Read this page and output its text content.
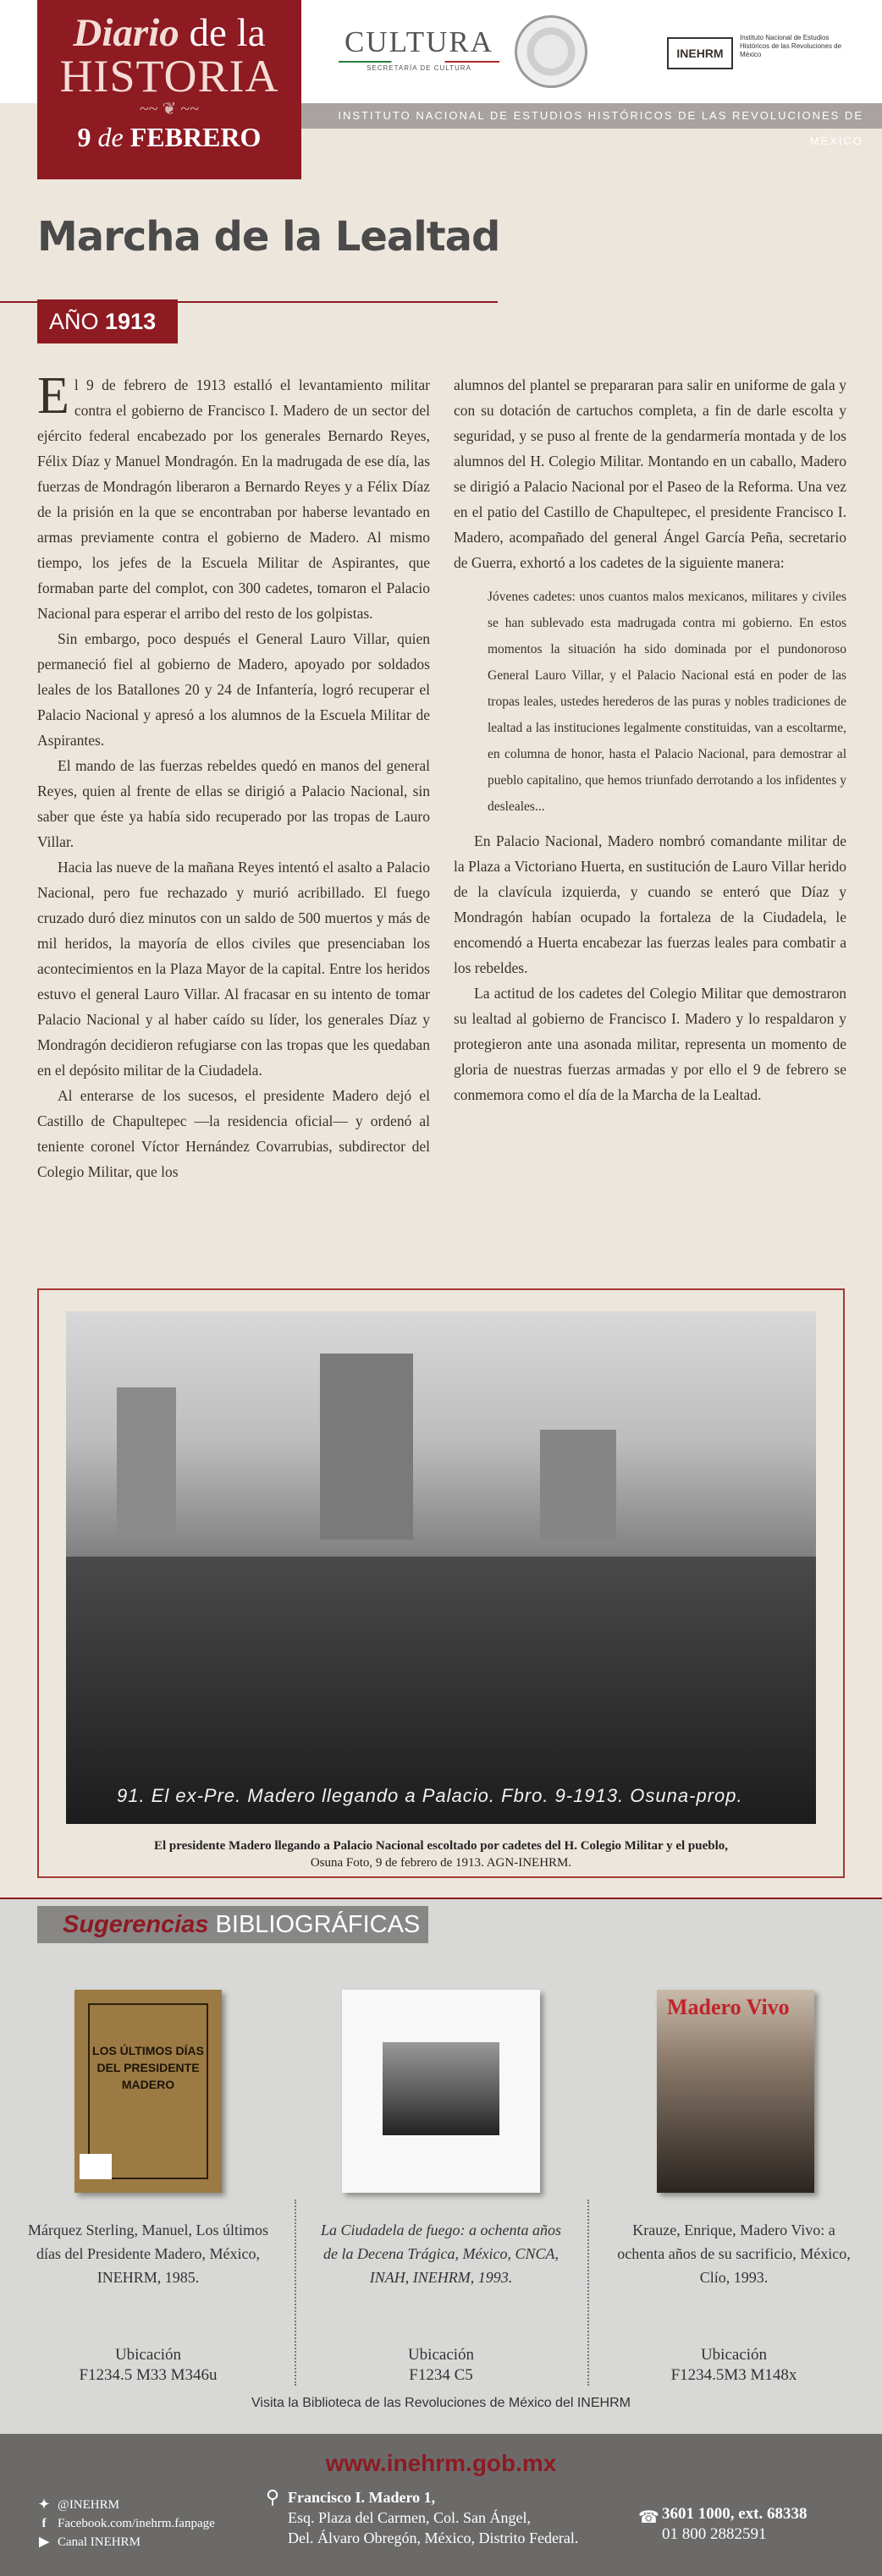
INSTITUTO NACIONAL DE ESTUDIOS HISTÓRICOS DE LAS REVOLUCIONES DE MÉXICO
Diario de la
HISTORIA
~~ ❦ ~~
9 de FEBRERO
CULTURA
SECRETARÍA DE CULTURA
INEHRM
Instituto Nacional de Estudios Históricos de las Revoluciones de México
Marcha de la Lealtad
AÑO 1913

El 9 de febrero de 1913 estalló el levantamiento militar contra el gobierno de Francisco I. Madero de un sector del ejército federal encabezado por los generales Bernardo Reyes, Félix Díaz y Manuel Mondragón. En la madrugada de ese día, las fuerzas de Mondragón liberaron a Bernardo Reyes y a Félix Díaz de la prisión en la que se encontraban por haberse levantado en armas previamente contra el gobierno de Madero. Al mismo tiempo, los jefes de la Escuela Militar de Aspirantes, que formaban parte del complot, con 300 cadetes, tomaron el Palacio Nacional para esperar el arribo del resto de los golpistas.

Sin embargo, poco después el General Lauro Villar, quien permaneció fiel al gobierno de Madero, apoyado por soldados leales de los Batallones 20 y 24 de Infantería, logró recuperar el Palacio Nacional y apresó a los alumnos de la Escuela Militar de Aspirantes.

El mando de las fuerzas rebeldes quedó en manos del general Reyes, quien al frente de ellas se dirigió a Palacio Nacional, sin saber que éste ya había sido recuperado por las tropas de Lauro Villar.

Hacia las nueve de la mañana Reyes intentó el asalto a Palacio Nacional, pero fue rechazado y murió acribillado. El fuego cruzado duró diez minutos con un saldo de 500 muertos y más de mil heridos, la mayoría de ellos civiles que presenciaban los acontecimientos en la Plaza Mayor de la capital. Entre los heridos estuvo el general Lauro Villar. Al fracasar en su intento de tomar Palacio Nacional y al haber caído su líder, los generales Díaz y Mondragón decidieron refugiarse con las tropas que les quedaban en el depósito militar de la Ciudadela.

Al enterarse de los sucesos, el presidente Madero dejó el Castillo de Chapultepec —la residencia oficial— y ordenó al teniente coronel Víctor Hernández Covarrubias, subdirector del Colegio Militar, que los

alumnos del plantel se prepararan para salir en uniforme de gala y con su dotación de cartuchos completa, a fin de darle escolta y seguridad, y se puso al frente de la gendarmería montada y de los alumnos del H. Colegio Militar. Montando en un caballo, Madero se dirigió a Palacio Nacional por el Paseo de la Reforma. Una vez en el patio del Castillo de Chapultepec, el presidente Francisco I. Madero, acompañado del general Ángel García Peña, secretario de Guerra, exhortó a los cadetes de la siguiente manera:

Jóvenes cadetes: unos cuantos malos mexicanos, militares y civiles se han sublevado esta madrugada contra mi gobierno. En estos momentos la situación ha sido dominada por el pundonoroso General Lauro Villar, y el Palacio Nacional está en poder de las tropas leales, ustedes herederos de las puras y nobles tradiciones de lealtad a las instituciones legalmente constituidas, van a escoltarme, en columna de honor, hasta el Palacio Nacional, para demostrar al pueblo capitalino, que hemos triunfado derrotando a los infidentes y desleales...

En Palacio Nacional, Madero nombró comandante militar de la Plaza a Victoriano Huerta, en sustitución de Lauro Villar herido de la clavícula izquierda, y cuando se enteró que Díaz y Mondragón habían ocupado la fortaleza de la Ciudadela, le encomendó a Huerta encabezar las fuerzas leales para combatir a los rebeldes.

La actitud de los cadetes del Colegio Militar que demostraron su lealtad al gobierno de Francisco I. Madero y lo respaldaron y protegieron ante una asonada militar, representa un momento de gloria de nuestras fuerzas armadas y por ello el 9 de febrero se conmemora como el día de la Marcha de la Lealtad.

91. El ex-Pre. Madero llegando a Palacio. Fbro. 9-1913. Osuna-prop.
El presidente Madero llegando a Palacio Nacional escoltado por cadetes del H. Colegio Militar y el pueblo,
Osuna Foto, 9 de febrero de 1913. AGN-INEHRM.
Sugerencias BIBLIOGRÁFICAS
LOS ÚLTIMOS DÍAS DEL PRESIDENTE MADERO
Madero Vivo
Márquez Sterling, Manuel, Los últimos días del Presidente Madero, México, INEHRM, 1985.
La Ciudadela de fuego: a ochenta años de la Decena Trágica, México, CNCA, INAH, INEHRM, 1993.
Krauze, Enrique, Madero Vivo: a ochenta años de su sacrificio, México, Clío, 1993.
Ubicación
F1234.5 M33 M346u
Ubicación
F1234 C5
Ubicación
F1234.5M3 M148x
Visita la Biblioteca de las Revoluciones de México del INEHRM
www.inehrm.gob.mx
✦ @INEHRM
f Facebook.com/inehrm.fanpage
▶ Canal INEHRM
⚲ Francisco I. Madero 1,
Esq. Plaza del Carmen, Col. San Ángel,
Del. Álvaro Obregón, México, Distrito Federal.
☎ 3601 1000, ext. 68338
01 800 2882591
